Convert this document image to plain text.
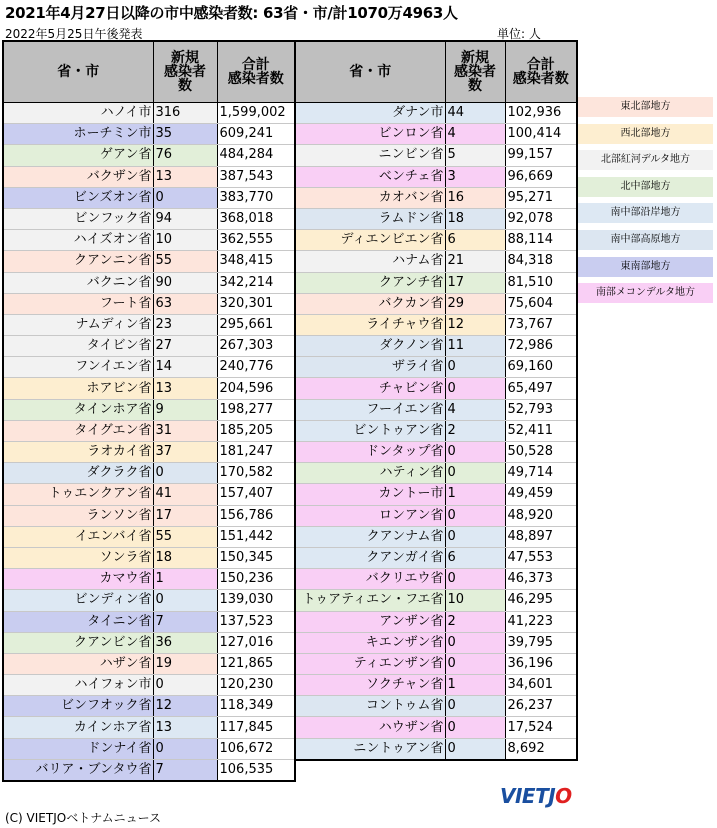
2021年4月27日以降の市中感染者数: 63省・市/計1070万4963人
2022年5月25日午後発表	単位: 人
省・市	新規
感染者
数	合計
感染者数
ハノイ市	316	1,599,002
ホーチミン市	35	609,241
ゲアン省	76	484,284
バクザン省	13	387,543
ビンズオン省	0	383,770
ビンフック省	94	368,018
ハイズオン省	10	362,555
クアンニン省	55	348,415
バクニン省	90	342,214
フート省	63	320,301
ナムディン省	23	295,661
タイビン省	27	267,303
フンイエン省	14	240,776
ホアビン省	13	204,596
タインホア省	9	198,277
タイグエン省	31	185,205
ラオカイ省	37	181,247
ダクラク省	0	170,582
トゥエンクアン省	41	157,407
ランソン省	17	156,786
イエンバイ省	55	151,442
ソンラ省	18	150,345
カマウ省	1	150,236
ビンディン省	0	139,030
タイニン省	7	137,523
クアンビン省	36	127,016
ハザン省	19	121,865
ハイフォン市	0	120,230
ビンフオック省	12	118,349
カインホア省	13	117,845
ドンナイ省	0	106,672
バリア・ブンタウ省	7	106,535
省・市	新規
感染者
数	合計
感染者数
ダナン市	44	102,936
ビンロン省	4	100,414
ニンビン省	5	99,157
ベンチェ省	3	96,669
カオバン省	16	95,271
ラムドン省	18	92,078
ディエンビエン省	6	88,114
ハナム省	21	84,318
クアンチ省	17	81,510
バクカン省	29	75,604
ライチャウ省	12	73,767
ダクノン省	11	72,986
ザライ省	0	69,160
チャビン省	0	65,497
フーイエン省	4	52,793
ビントゥアン省	2	52,411
ドンタップ省	0	50,528
ハティン省	0	49,714
カントー市	1	49,459
ロンアン省	0	48,920
クアンナム省	0	48,897
クアンガイ省	6	47,553
バクリエウ省	0	46,373
トゥアティエン・フエ省	10	46,295
アンザン省	2	41,223
キエンザン省	0	39,795
ティエンザン省	0	36,196
ソクチャン省	1	34,601
コントゥム省	0	26,237
ハウザン省	0	17,524
ニントゥアン省	0	8,692
東北部地方
西北部地方
北部紅河デルタ地方
北中部地方
南中部沿岸地方
南中部高原地方
東南部地方
南部メコンデルタ地方
VIETJO
(C) VIETJOベトナムニュース
